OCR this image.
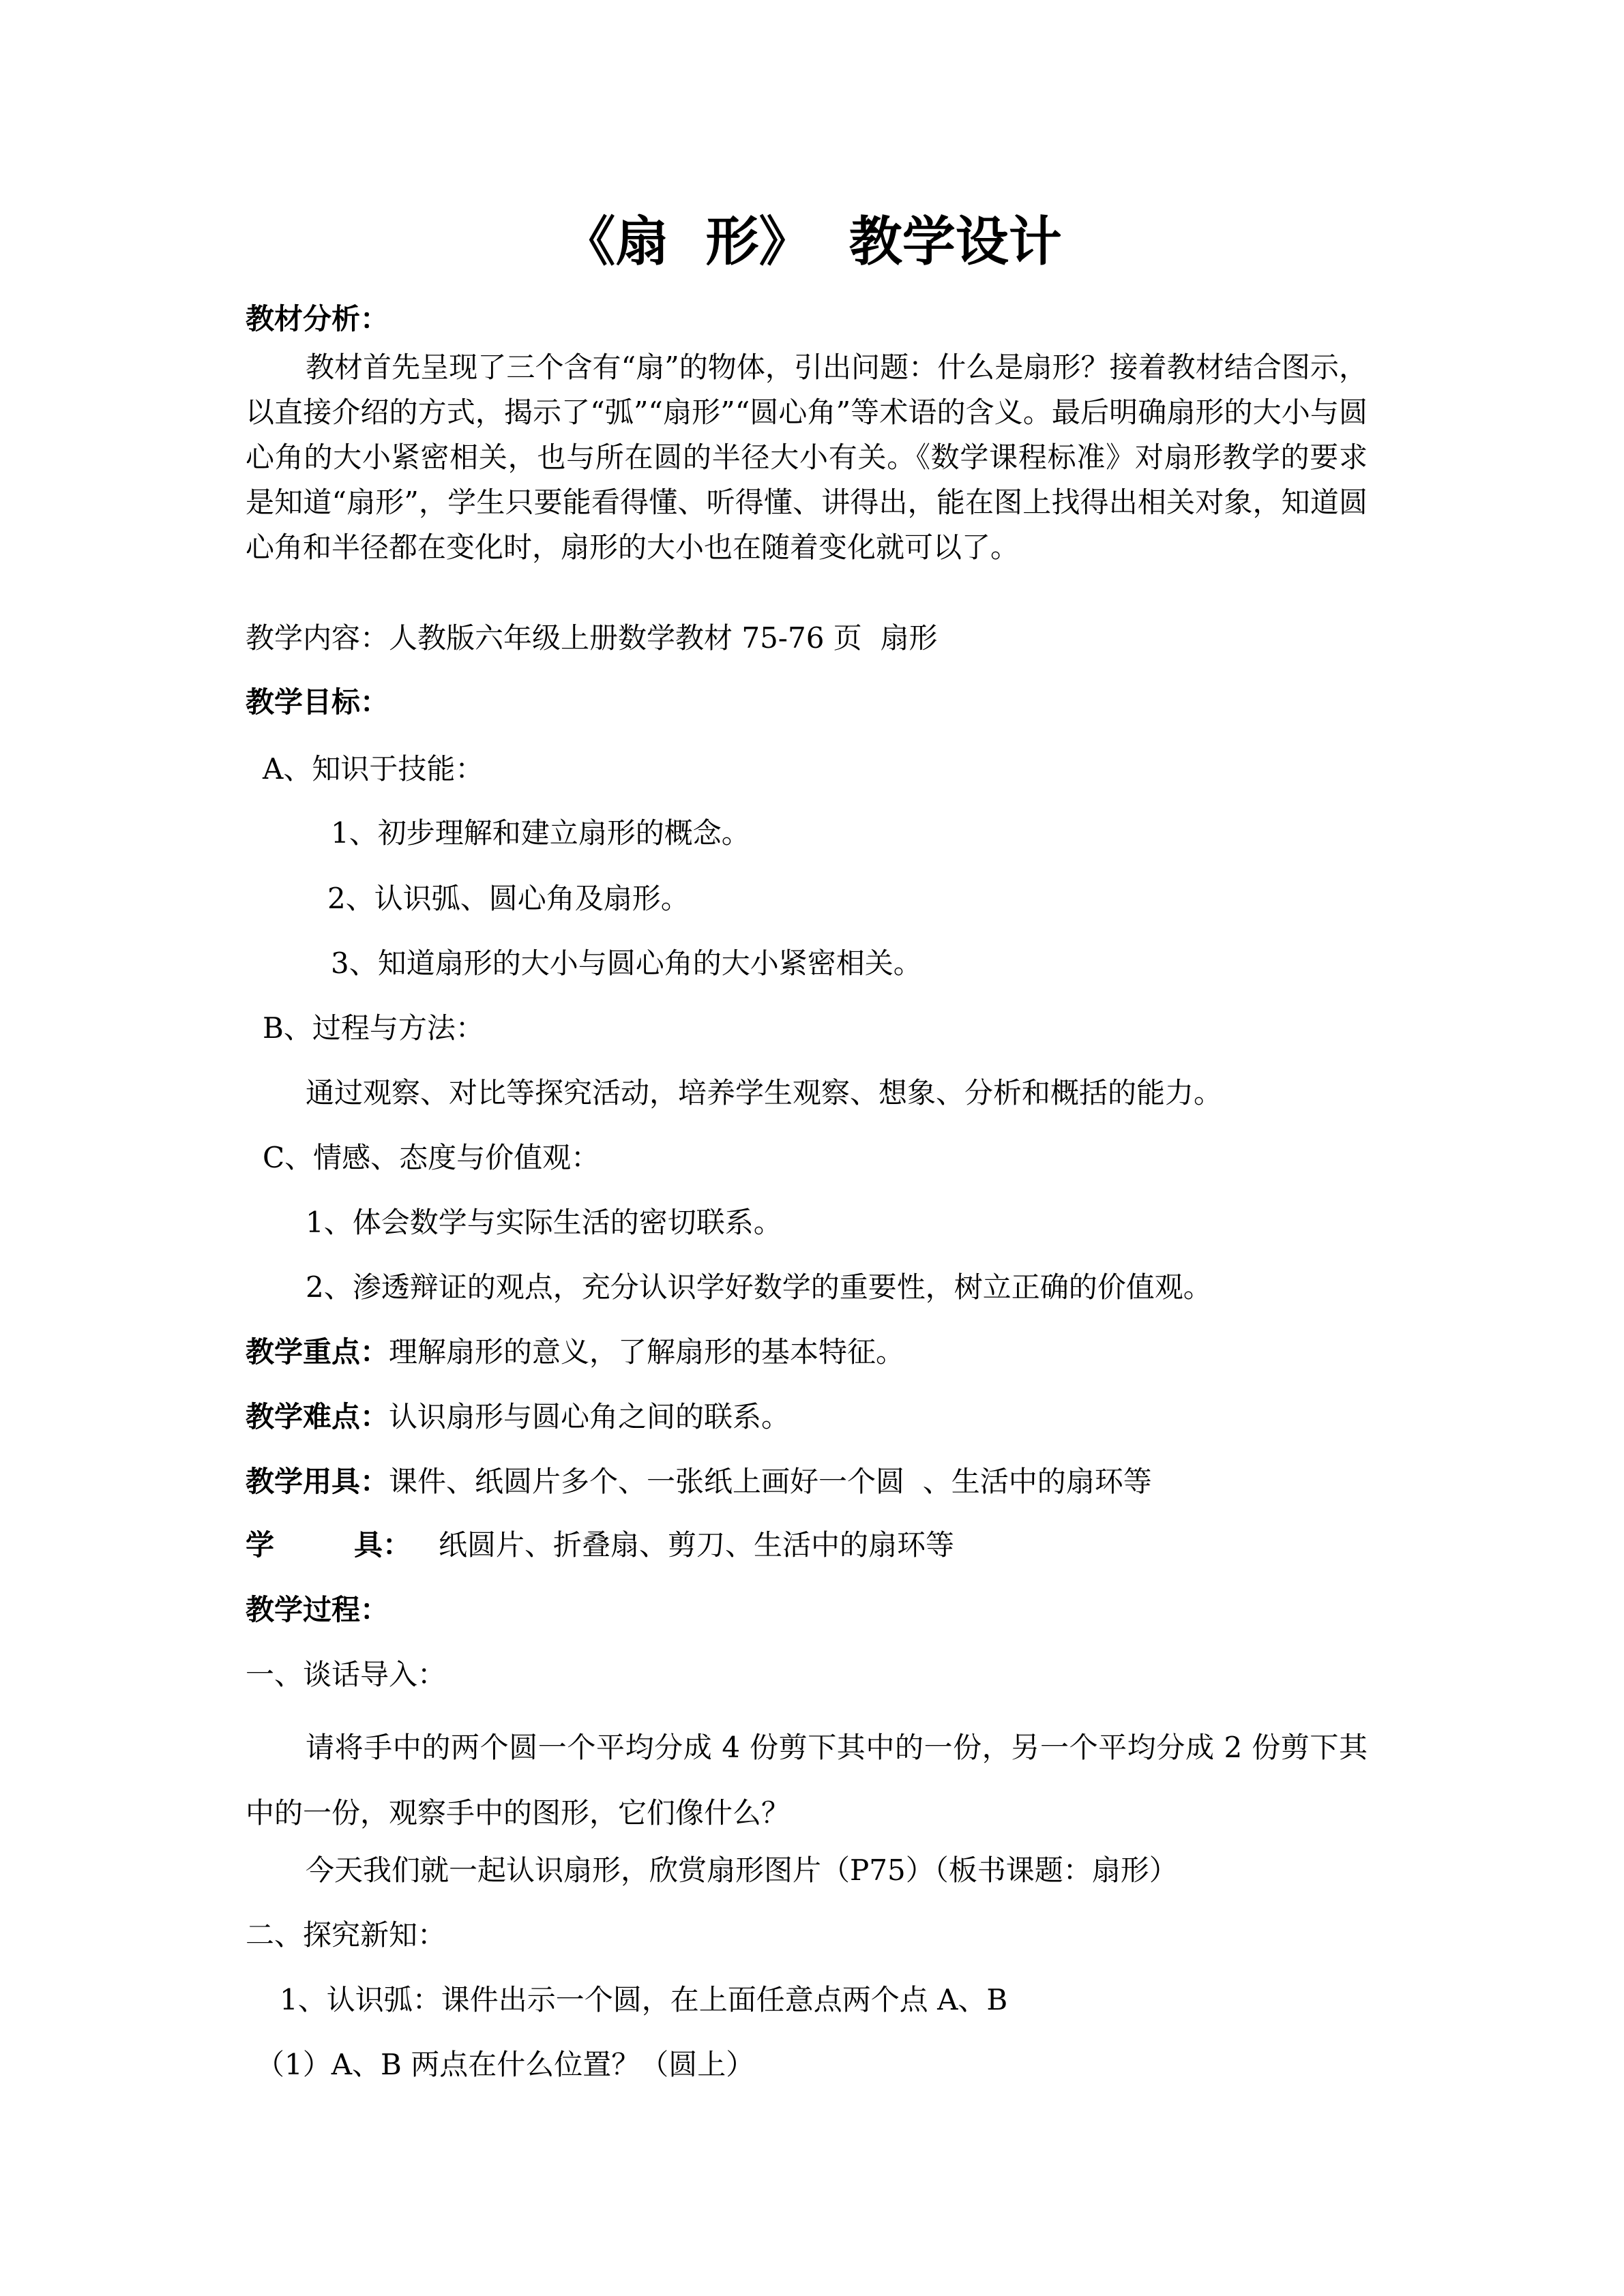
《扇  形》  教学设计
教材分析：
教材首先呈现了三个含有“扇”的物体，引出问题：什么是扇形？接着教材结合图示，以直接介绍的方式，揭示了“弧”“扇形”“圆心角”等术语的含义。最后明确扇形的大小与圆心角的大小紧密相关，也与所在圆的半径大小有关。《数学课程标准》对扇形教学的要求是知道“扇形”，学生只要能看得懂、听得懂、讲得出，能在图上找得出相关对象，知道圆心角和半径都在变化时，扇形的大小也在随着变化就可以了。
教学内容：人教版六年级上册数学教材 75-76 页  扇形
教学目标：
A、知识于技能：
1、初步理解和建立扇形的概念。
2、认识弧、圆心角及扇形。
3、知道扇形的大小与圆心角的大小紧密相关。
B、过程与方法：
通过观察、对比等探究活动，培养学生观察、想象、分析和概括的能力。
C、情感、态度与价值观：
1、体会数学与实际生活的密切联系。
2、渗透辩证的观点，充分认识学好数学的重要性，树立正确的价值观。
教学重点：理解扇形的意义，了解扇形的基本特征。
教学难点：认识扇形与圆心角之间的联系。
教学用具：课件、纸圆片多个、一张纸上画好一个圆  、生活中的扇环等
学        具： 纸圆片、折叠扇、剪刀、生活中的扇环等
教学过程：
一、谈话导入：
请将手中的两个圆一个平均分成 4 份剪下其中的一份，另一个平均分成 2 份剪下其中的一份，观察手中的图形，它们像什么？
今天我们就一起认识扇形，欣赏扇形图片（P75）（板书课题：扇形）
二、探究新知：
1、认识弧：课件出示一个圆，在上面任意点两个点 A、B
（1）A、B 两点在什么位置？（圆上）
